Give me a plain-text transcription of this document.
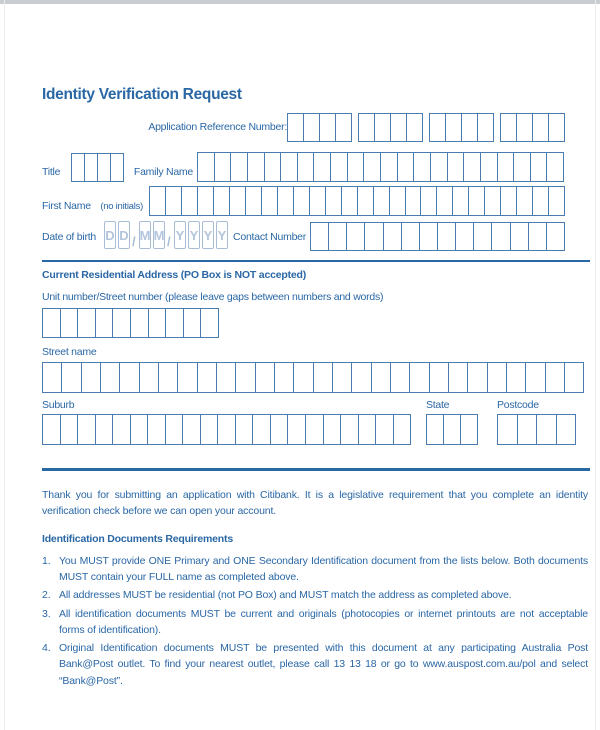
Identity Verification Request
Application Reference Number:
Title	Family Name
First Name (no initials)
Date of birth D D / M M / Y Y Y Y Contact Number
Current Residential Address (PO Box is NOT accepted)
Unit number/Street number (please leave gaps between numbers and words)
Street name
Suburb	State	Postcode

Thank you for submitting an application with Citibank. It is a legislative requirement that you complete an identity verification check before we can open your account.

Identification Documents Requirements
1. You MUST provide ONE Primary and ONE Secondary Identification document from the lists below. Both documents MUST contain your FULL name as completed above.
2. All addresses MUST be residential (not PO Box) and MUST match the address as completed above.
3. All identification documents MUST be current and originals (photocopies or internet printouts are not acceptable forms of identification).
4. Original Identification documents MUST be presented with this document at any participating Australia Post Bank@Post outlet. To find your nearest outlet, please call 13 13 18 or go to www.auspost.com.au/pol and select “Bank@Post”.
